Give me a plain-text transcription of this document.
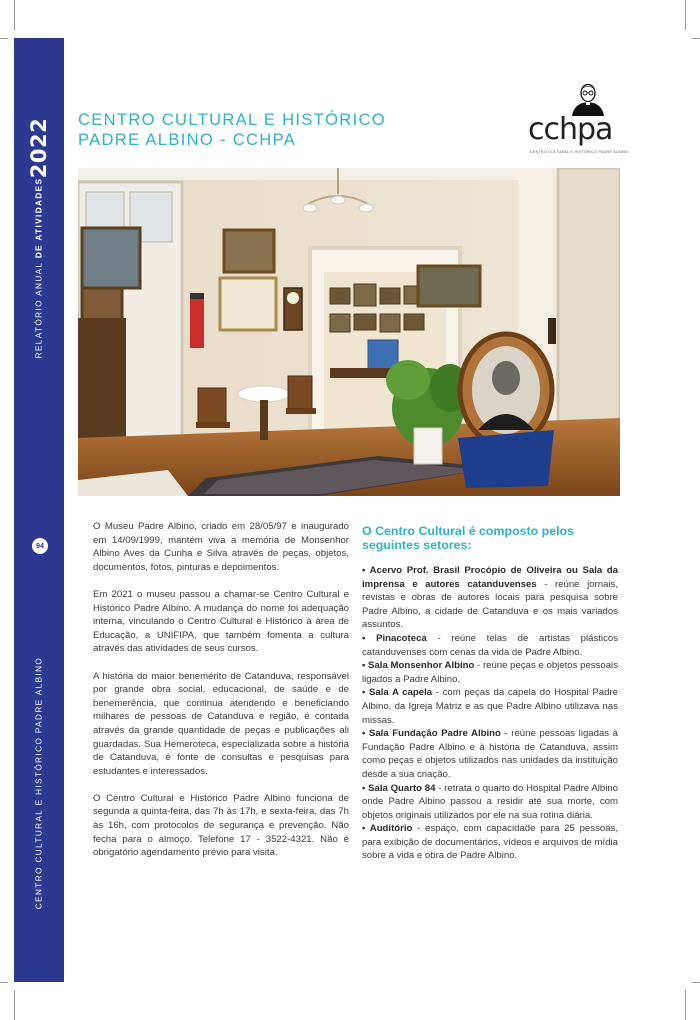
2022
RELATÓRIO ANUAL DE ATIVIDADES
94
CENTRO CULTURAL E HISTÓRICO PADRE ALBINO
CENTRO CULTURAL E HISTÓRICO
PADRE ALBINO - CCHPA	cchpa
CENTRO CULTURAL E HISTÓRICO PADRE ALBINO

O Museu Padre Albino, criado em 28/05/97 e inaugurado em 14/09/1999, mantém viva a memória de Monsenhor Albino Aves da Cunha e Silva através de peças, objetos, documentos, fotos, pinturas e depoimentos.

Em 2021 o museu passou a chamar-se Centro Cultural e Histórico Padre Albino. A mudança do nome foi adequação interna, vinculando o Centro Cultural e Histórico à área de Educação, a UNIFIPA, que também fomenta a cultura através das atividades de seus cursos.

A história do maior benemérito de Catanduva, responsável por grande obra social, educacional, de saúde e de benemerência, que continua atendendo e beneficiando milhares de pessoas de Catanduva e região, é contada através da grande quantidade de peças e publicações ali guardadas. Sua Hemeroteca, especializada sobre a história de Catanduva, é fonte de consultas e pesquisas para estudantes e interessados.

O Centro Cultural e Histórico Padre Albino funciona de segunda a quinta-feira, das 7h às 17h, e sexta-feira, das 7h às 16h, com protocolos de segurança e prevenção. Não fecha para o almoço. Telefone 17 - 3522-4321. Não é obrigatório agendamento prévio para visita.

O Centro Cultural é composto pelos seguintes setores:
• Acervo Prof. Brasil Procópio de Oliveira ou Sala da imprensa e autores catanduvenses - reúne jornais, revistas e obras de autores locais para pesquisa sobre Padre Albino, a cidade de Catanduva e os mais variados assuntos.
• Pinacoteca - reúne telas de artistas plásticos catanduvenses com cenas da vida de Padre Albino.
• Sala Monsenhor Albino - reúne peças e objetos pessoais ligados a Padre Albino.
• Sala A capela - com peças da capela do Hospital Padre Albino, da Igreja Matriz e as que Padre Albino utilizava nas missas.
• Sala Fundação Padre Albino - reúne pessoas ligadas à Fundação Padre Albino e à história de Catanduva, assim como peças e objetos utilizados nas unidades da instituição desde a sua criação.
• Sala Quarto 84 - retrata o quarto do Hospital Padre Albino onde Padre Albino passou a residir até sua morte, com objetos originais utilizados por ele na sua rotina diária.
• Auditório - espaço, com capacidade para 25 pessoas, para exibição de documentários, vídeos e arquivos de mídia sobre a vida e obra de Padre Albino.
